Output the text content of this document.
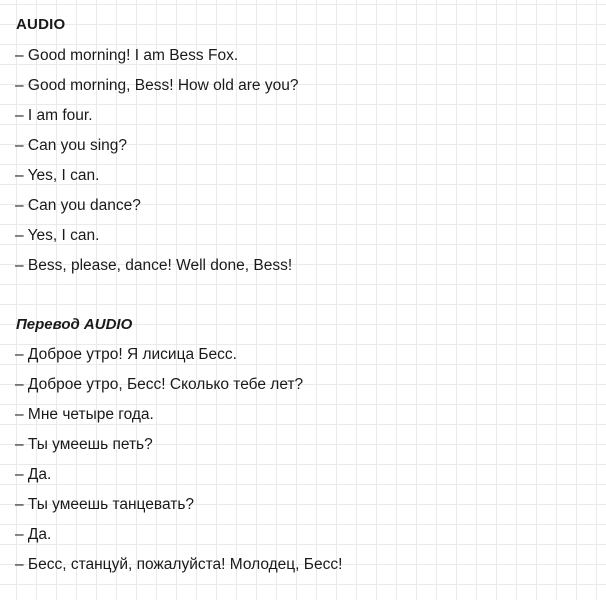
AUDIO
– Good morning! I am Bess Fox.
– Good morning, Bess! How old are you?
– I am four.
– Can you sing?
– Yes, I can.
– Can you dance?
– Yes, I can.
– Bess, please, dance! Well done, Bess!
Перевод AUDIO
– Доброе утро! Я лисица Бесс.
– Доброе утро, Бесс! Сколько тебе лет?
– Мне четыре года.
– Ты умеешь петь?
– Да.
– Ты умеешь танцевать?
– Да.
– Бесс, станцуй, пожалуйста! Молодец, Бесс!
